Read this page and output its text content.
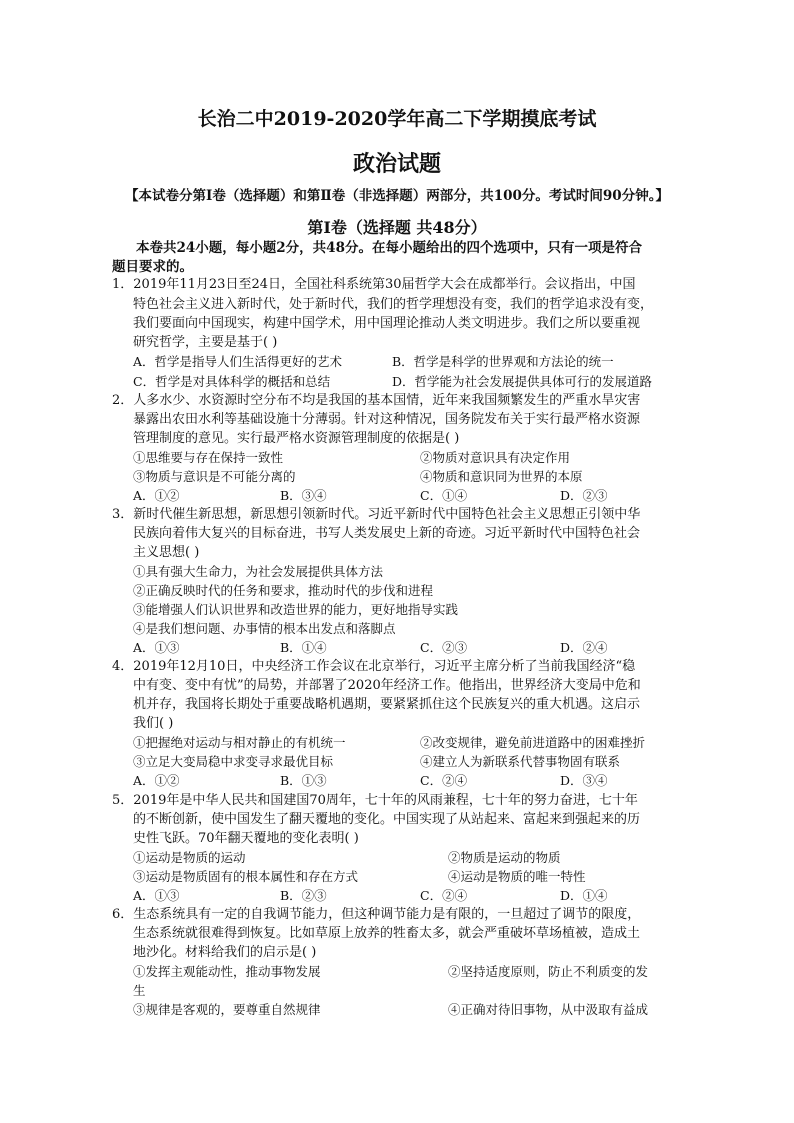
长治二中2019-2020学年高二下学期摸底考试
政治试题
【本试卷分第Ⅰ卷（选择题）和第Ⅱ卷（非选择题）两部分，共100分。考试时间90分钟。】
第Ⅰ卷（选择题 共48分）
本卷共24小题，每小题2分，共48分。在每小题给出的四个选项中，只有一项是符合
题目要求的。
1．2019年11月23日至24日，全国社科系统第30届哲学大会在成都举行。会议指出，中国
特色社会主义进入新时代，处于新时代，我们的哲学理想没有变，我们的哲学追求没有变，
我们要面向中国现实，构建中国学术，用中国理论推动人类文明进步。我们之所以要重视
研究哲学，主要是基于( )
A．哲学是指导人们生活得更好的艺术	B．哲学是科学的世界观和方法论的统一
C．哲学是对具体科学的概括和总结	D．哲学能为社会发展提供具体可行的发展道路
2．人多水少、水资源时空分布不均是我国的基本国情，近年来我国频繁发生的严重水旱灾害
暴露出农田水利等基础设施十分薄弱。针对这种情况，国务院发布关于实行最严格水资源
管理制度的意见。实行最严格水资源管理制度的依据是( )
①思维要与存在保持一致性	②物质对意识具有决定作用
③物质与意识是不可能分离的	④物质和意识同为世界的本原
A．①②	B．③④	C．①④	D．②③
3．新时代催生新思想，新思想引领新时代。习近平新时代中国特色社会主义思想正引领中华
民族向着伟大复兴的目标奋进，书写人类发展史上新的奇迹。习近平新时代中国特色社会
主义思想( )
①具有强大生命力，为社会发展提供具体方法
②正确反映时代的任务和要求，推动时代的步伐和进程
③能增强人们认识世界和改造世界的能力，更好地指导实践
④是我们想问题、办事情的根本出发点和落脚点
A．①③	B．①④	C．②③	D．②④
4．2019年12月10日，中央经济工作会议在北京举行，习近平主席分析了当前我国经济“稳
中有变、变中有忧”的局势，并部署了2020年经济工作。他指出，世界经济大变局中危和
机并存，我国将长期处于重要战略机遇期，要紧紧抓住这个民族复兴的重大机遇。这启示
我们( )
①把握绝对运动与相对静止的有机统一	②改变规律，避免前进道路中的困难挫折
③立足大变局稳中求变寻求最优目标	④建立人为新联系代替事物固有联系
A．①②	B．①③	C．②④	D．③④
5．2019年是中华人民共和国建国70周年，七十年的风雨兼程，七十年的努力奋进，七十年
的不断创新，使中国发生了翻天覆地的变化。中国实现了从站起来、富起来到强起来的历
史性飞跃。70年翻天覆地的变化表明( )
①运动是物质的运动	②物质是运动的物质
③运动是物质固有的根本属性和存在方式	④运动是物质的唯一特性
A．①③	B．②③	C．②④	D．①④
6．生态系统具有一定的自我调节能力，但这种调节能力是有限的，一旦超过了调节的限度，
生态系统就很难得到恢复。比如草原上放养的牲畜太多，就会严重破坏草场植被，造成土
地沙化。材料给我们的启示是( )
①发挥主观能动性，推动事物发展	②坚持适度原则，防止不利质变的发
生
③规律是客观的，要尊重自然规律	④正确对待旧事物，从中汲取有益成
